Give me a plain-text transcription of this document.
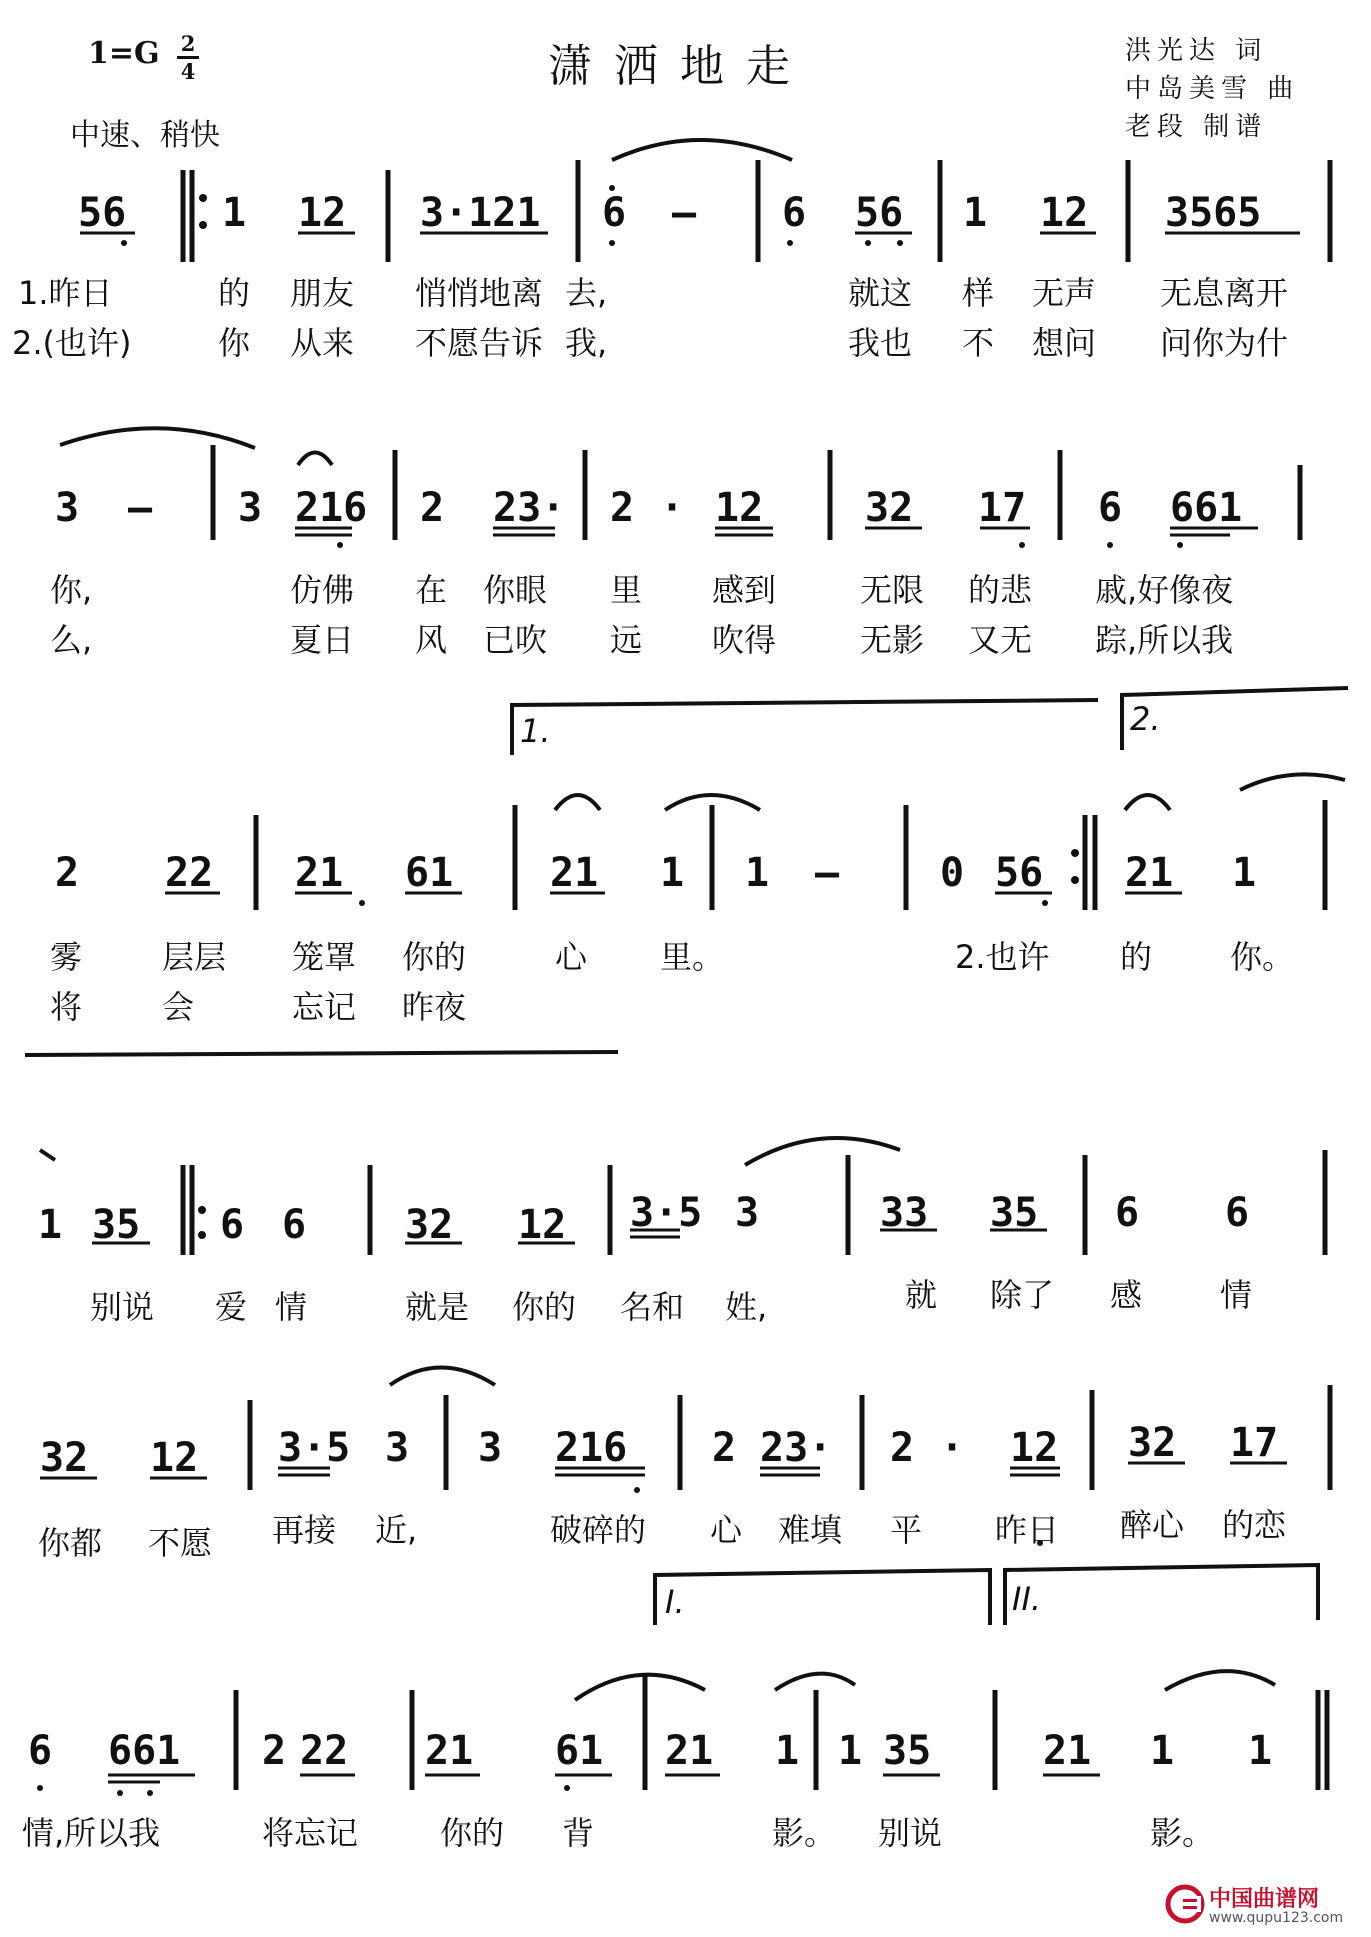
1=G 2
4	潇洒地走
中速、稍快
洪光达 词
中岛美雪 曲
老段 制谱
56 1 12 3·121 6 – 6 56 1 12 3565
1.昨日	的 朋友 悄悄地离 去,	就这 样 无声 无息离开
2.(也许)	你 从来 不愿告诉 我,	我也 不 想问 问你为什
3 – 3 216 2 23· 2 · 12	32 17 6 661
你,	仿佛 在 你眼 里 感到	无限 的悲 戚,好像夜
么,	夏日 风 已吹 远 吹得	无影 又无 踪,所以我
1.	2.
2 22 21 61 21 1 1 –	0 56 21 1
雾 层层 笼罩 你的	心 里。	2.也许 的 你。
将 会	忘记 昨夜
1 35 6 6 32 12 3·5 3	33 35 6 6
别说 爱 情	就是 你的 名和 姓,	就 除了 感 情
32 12 3·5 3 3 216 2 23· 2 · 12 32 17
你都 不愿 再接 近,	破碎的 心 难填 平 昨日 醉心 的恋
I.	II.
6 661 2 22 21 61 21 1 1 35	21 1 1
情,所以我	将忘记	你的 背	影。 别说	影。
中国曲谱网
www.qupu123.com
